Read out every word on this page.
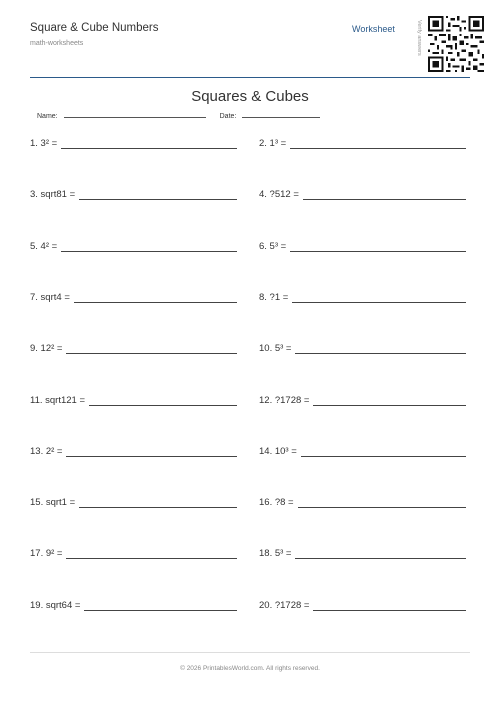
Square & Cube Numbers
math-worksheets
Worksheet	Verify answers
Squares & Cubes
Name:	Date:
1. 3² =	2. 1³ =
3. sqrt81 =	4. ?512 =
5. 4² =	6. 5³ =
7. sqrt4 =	8. ?1 =
9. 12² =	10. 5³ =
11. sqrt121 =	12. ?1728 =
13. 2² =	14. 10³ =
15. sqrt1 =	16. ?8 =
17. 9² =	18. 5³ =
19. sqrt64 =	20. ?1728 =
© 2026 PrintablesWorld.com. All rights reserved.
